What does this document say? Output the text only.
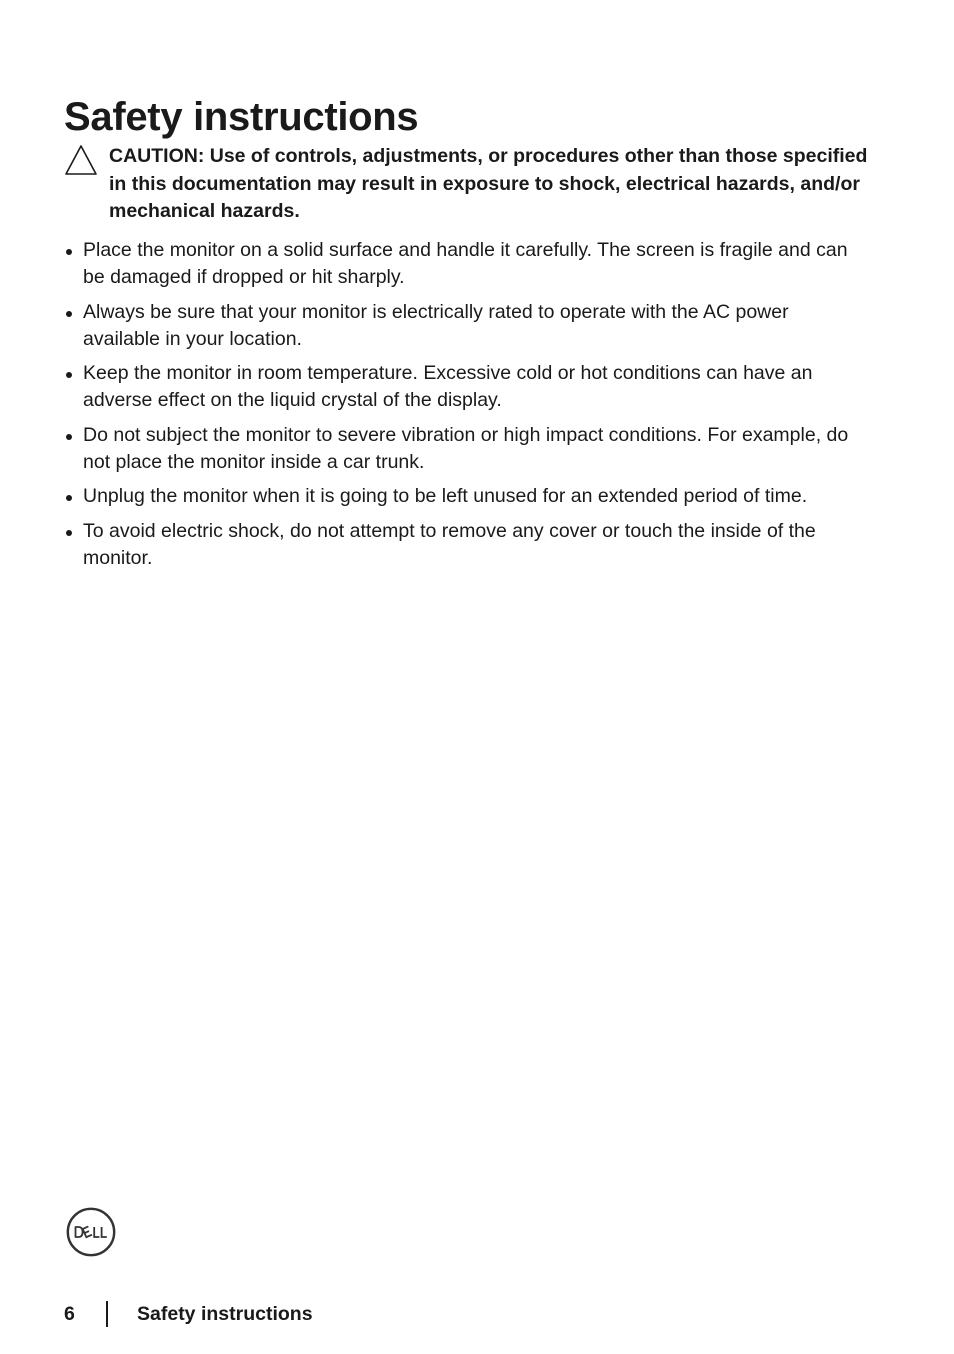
Safety instructions
CAUTION: Use of controls, adjustments, or procedures other than those specified in this documentation may result in exposure to shock, electrical hazards, and/or mechanical hazards.
Place the monitor on a solid surface and handle it carefully. The screen is fragile and can be damaged if dropped or hit sharply.
Always be sure that your monitor is electrically rated to operate with the AC power available in your location.
Keep the monitor in room temperature. Excessive cold or hot conditions can have an adverse effect on the liquid crystal of the display.
Do not subject the monitor to severe vibration or high impact conditions. For example, do not place the monitor inside a car trunk.
Unplug the monitor when it is going to be left unused for an extended period of time.
To avoid electric shock, do not attempt to remove any cover or touch the inside of the monitor.
6	Safety instructions
